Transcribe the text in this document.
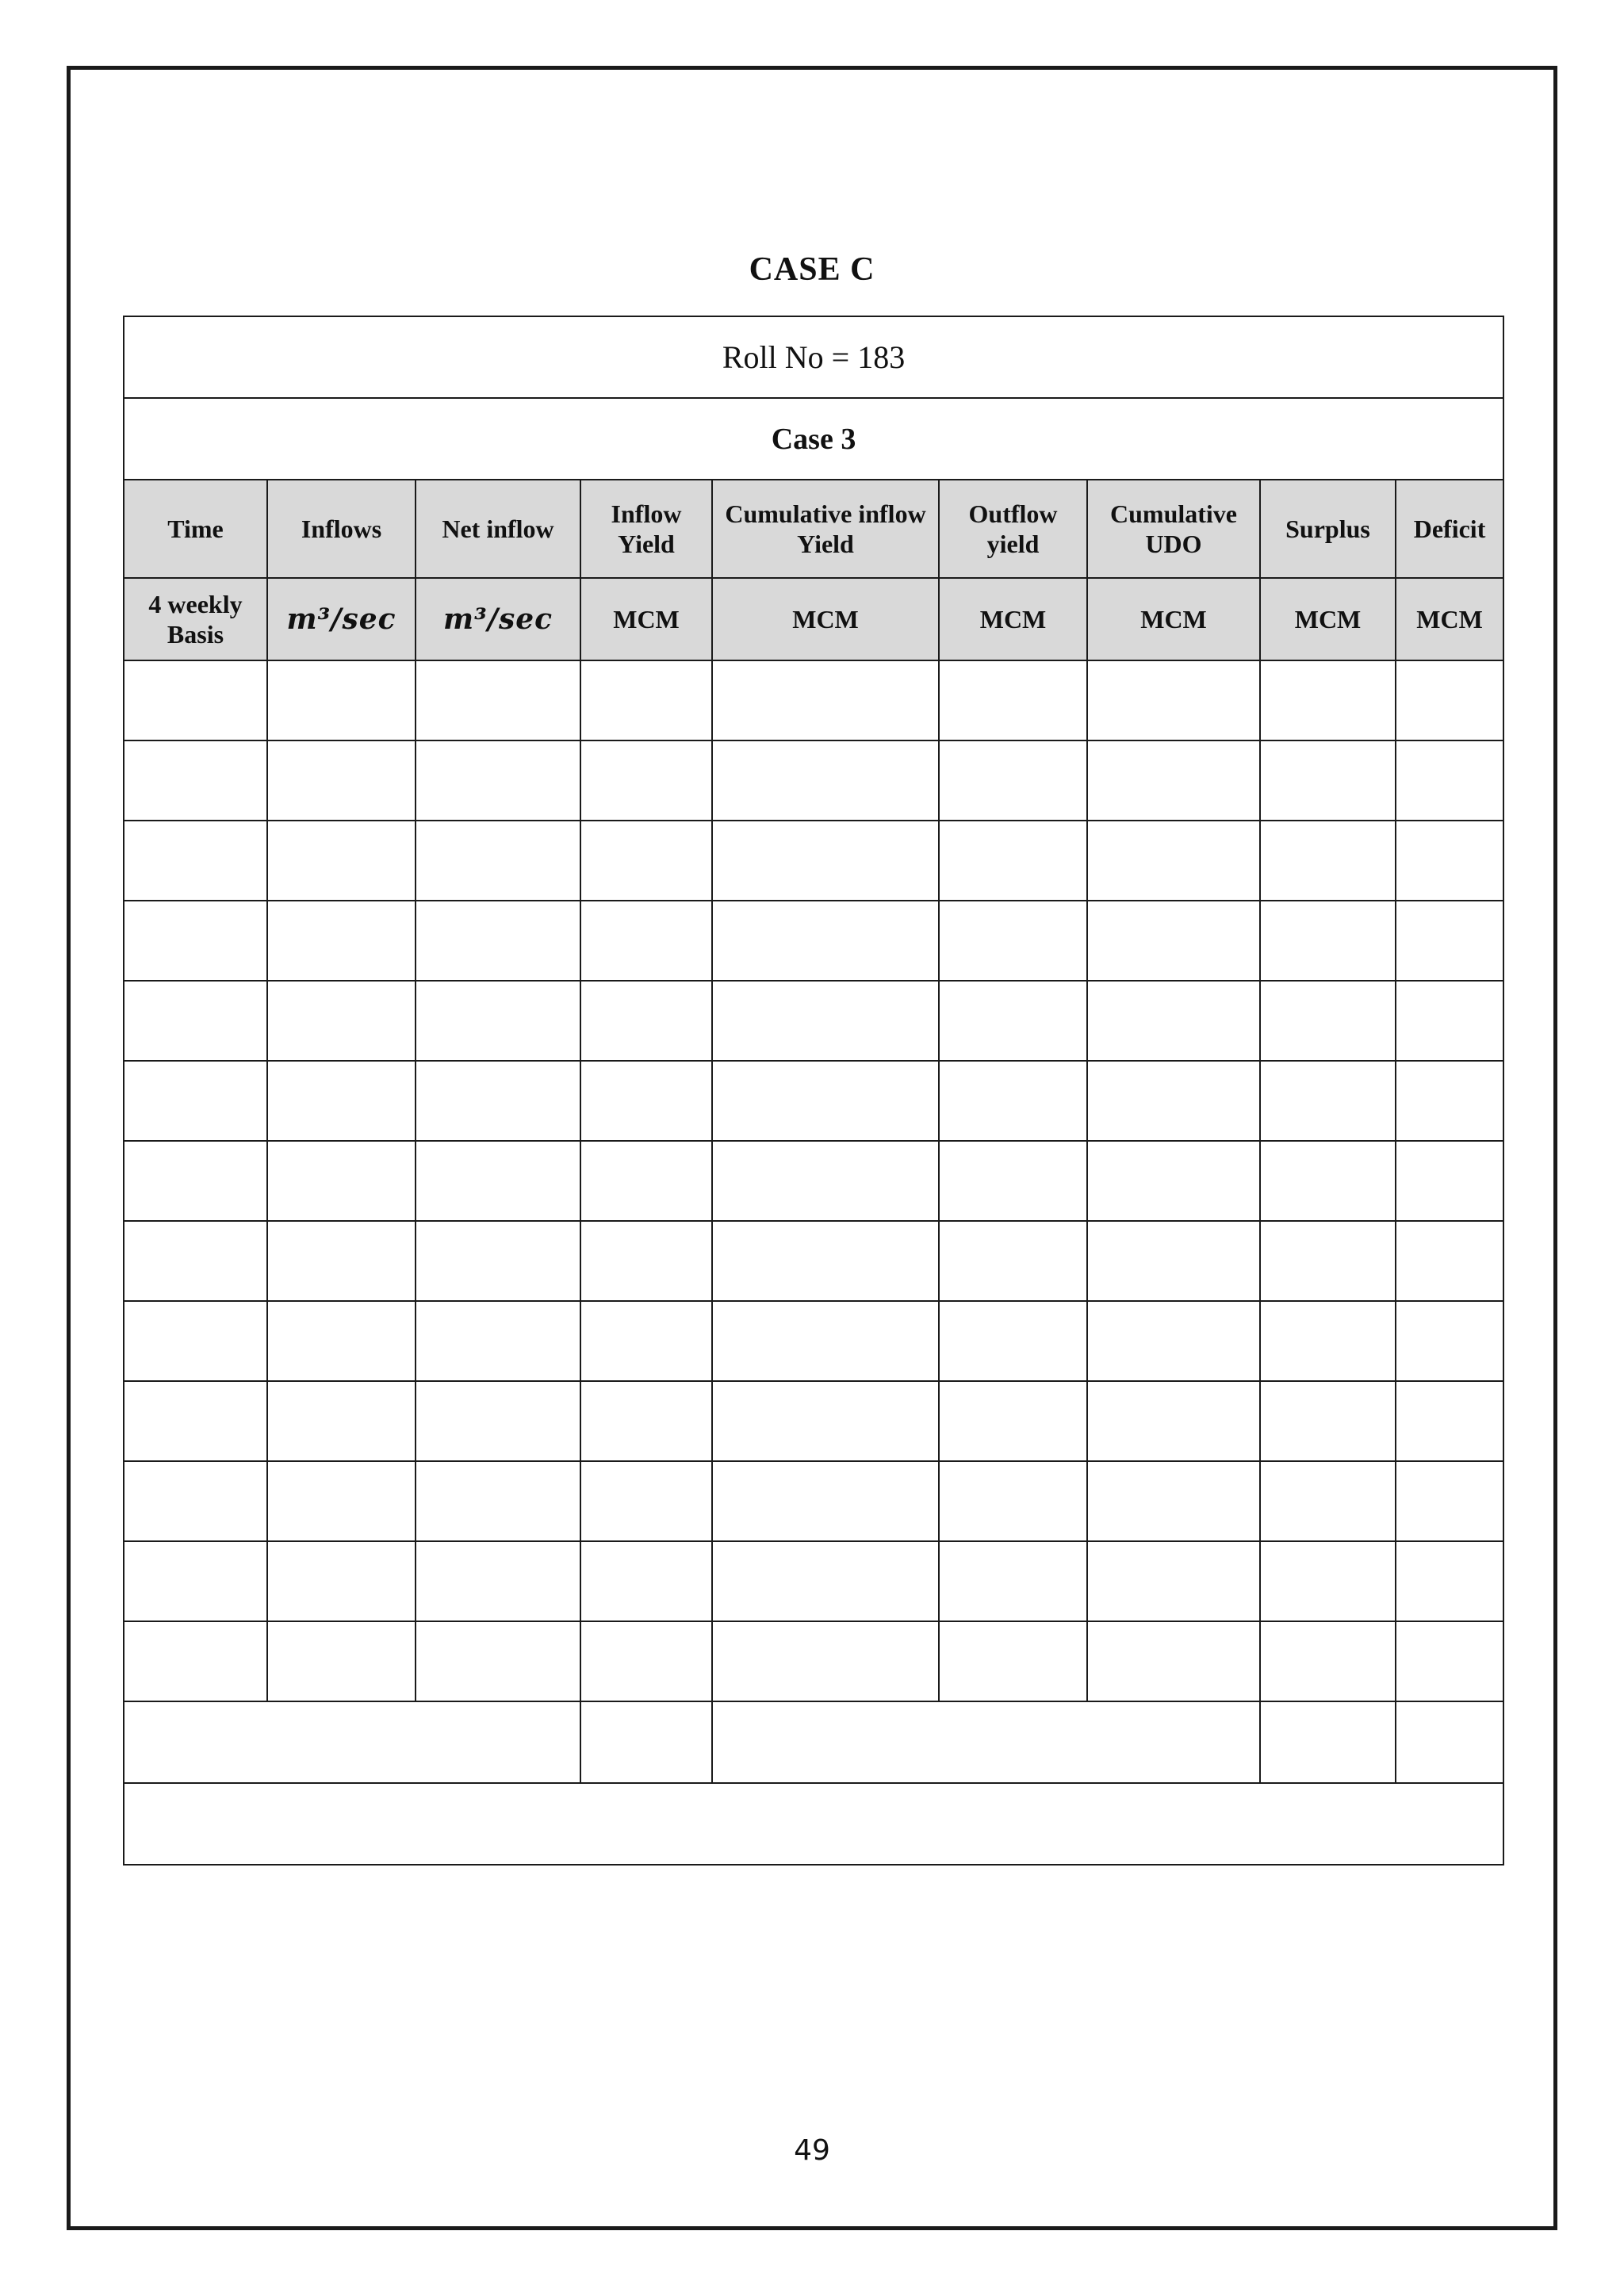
CASE C
Roll No = 183								
Case 3								
Time	Inflows	Net inflow	Inflow Yield	Cumulative inflow Yield	Outflow yield	Cumulative UDO	Surplus	Deficit
4 weekly Basis	m³/sec	m³/sec	MCM	MCM	MCM	MCM	MCM	MCM

49
